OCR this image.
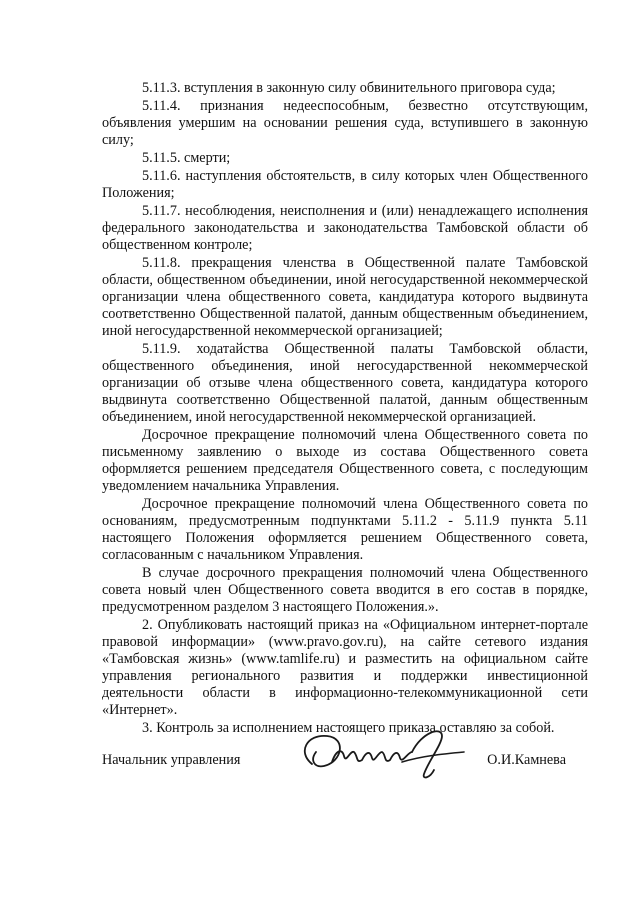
5.11.3. вступления в законную силу обвинительного приговора суда;

5.11.4. признания недееспособным, безвестно отсутствующим, объявления умершим на основании решения суда, вступившего в законную силу;

5.11.5. смерти;

5.11.6. наступления обстоятельств, в силу которых член Общественного Положения;

5.11.7. несоблюдения, неисполнения и (или) ненадлежащего исполнения федерального законодательства и законодательства Тамбовской области об общественном контроле;

5.11.8. прекращения членства в Общественной палате Тамбовской области, общественном объединении, иной негосударственной некоммерческой организации члена общественного совета, кандидатура которого выдвинута соответственно Общественной палатой, данным общественным объединением, иной негосударственной некоммерческой организацией;

5.11.9. ходатайства Общественной палаты Тамбовской области, общественного объединения, иной негосударственной некоммерческой организации об отзыве члена общественного совета, кандидатура которого выдвинута соответственно Общественной палатой, данным общественным объединением, иной негосударственной некоммерческой организацией.

Досрочное прекращение полномочий члена Общественного совета по письменному заявлению о выходе из состава Общественного совета оформляется решением председателя Общественного совета, с последующим уведомлением начальника Управления.

Досрочное прекращение полномочий члена Общественного совета по основаниям, предусмотренным подпунктами 5.11.2 - 5.11.9 пункта 5.11 настоящего Положения оформляется решением Общественного совета, согласованным с начальником Управления.

В случае досрочного прекращения полномочий члена Общественного совета новый член Общественного совета вводится в его состав в порядке, предусмотренном разделом 3 настоящего Положения.».

2. Опубликовать настоящий приказ на «Официальном интернет-портале правовой информации» (www.pravo.gov.ru), на сайте сетевого издания «Тамбовская жизнь» (www.tamlife.ru) и разместить на официальном сайте управления регионального развития и поддержки инвестиционной деятельности области в информационно-телекоммуникационной сети «Интернет».

3. Контроль за исполнением настоящего приказа оставляю за собой.

Начальник управления	О.И.Камнева
